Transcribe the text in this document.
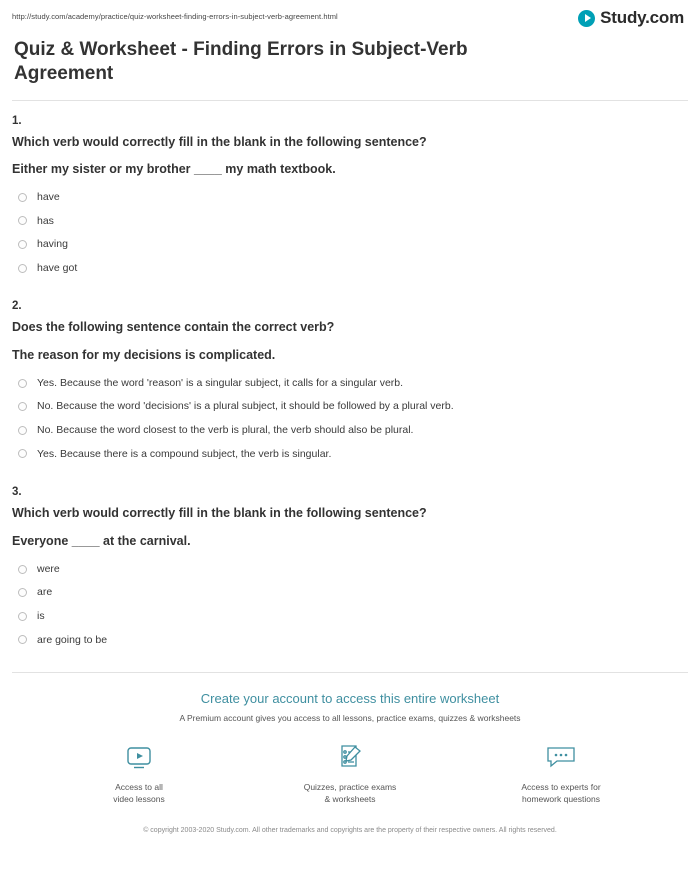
http://study.com/academy/practice/quiz-worksheet-finding-errors-in-subject-verb-agreement.html	Study.com
Quiz & Worksheet - Finding Errors in Subject-Verb Agreement
1.
Which verb would correctly fill in the blank in the following sentence?
Either my sister or my brother ____ my math textbook.
have
has
having
have got
2.
Does the following sentence contain the correct verb?
The reason for my decisions is complicated.
Yes. Because the word 'reason' is a singular subject, it calls for a singular verb.
No. Because the word 'decisions' is a plural subject, it should be followed by a plural verb.
No. Because the word closest to the verb is plural, the verb should also be plural.
Yes. Because there is a compound subject, the verb is singular.
3.
Which verb would correctly fill in the blank in the following sentence?
Everyone ____ at the carnival.
were
are
is
are going to be
Create your account to access this entire worksheet
A Premium account gives you access to all lessons, practice exams, quizzes & worksheets
Access to all
video lessons
Quizzes, practice exams
& worksheets
Access to experts for
homework questions
© copyright 2003-2020 Study.com. All other trademarks and copyrights are the property of their respective owners. All rights reserved.
